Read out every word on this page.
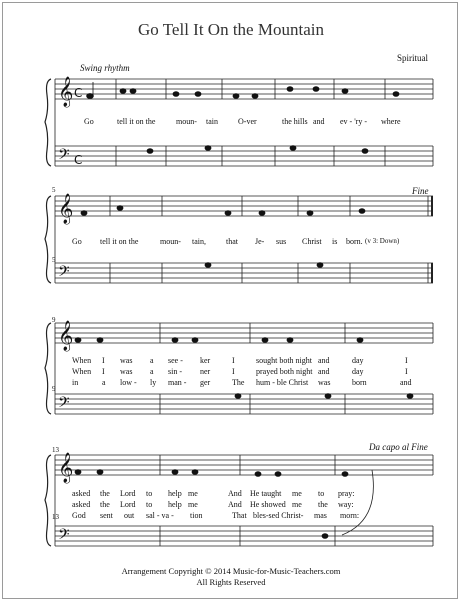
Go Tell It On the Mountain
Spiritual
Swing rhythm
Fine
Da capo al Fine
(v 3: Down)
5
5
9
9
13
13
𝄞
𝄢
𝄞
𝄢
𝄞
𝄢
𝄞
𝄢
C
C
Go	tell it on the	moun- tain	O-ver	the hills and ev - 'ry - where
Go tell it on the	moun- tain,	that Je- sus Christ is born.
When I was a see - ker	I	sought both night and	day	I
When I was a sin - ner	I	prayed both night and	day	I
in	a low - ly man - ger	The hum - ble Christ was	born	and
asked the Lord to help me	And He taught me to pray:
asked the Lord to help me	And He showed me the way:
God sent out sal - va - tion	That bles-sed Christ- mas morn:
Arrangement Copyright © 2014 Music-for-Music-Teachers.com
All Rights Reserved
